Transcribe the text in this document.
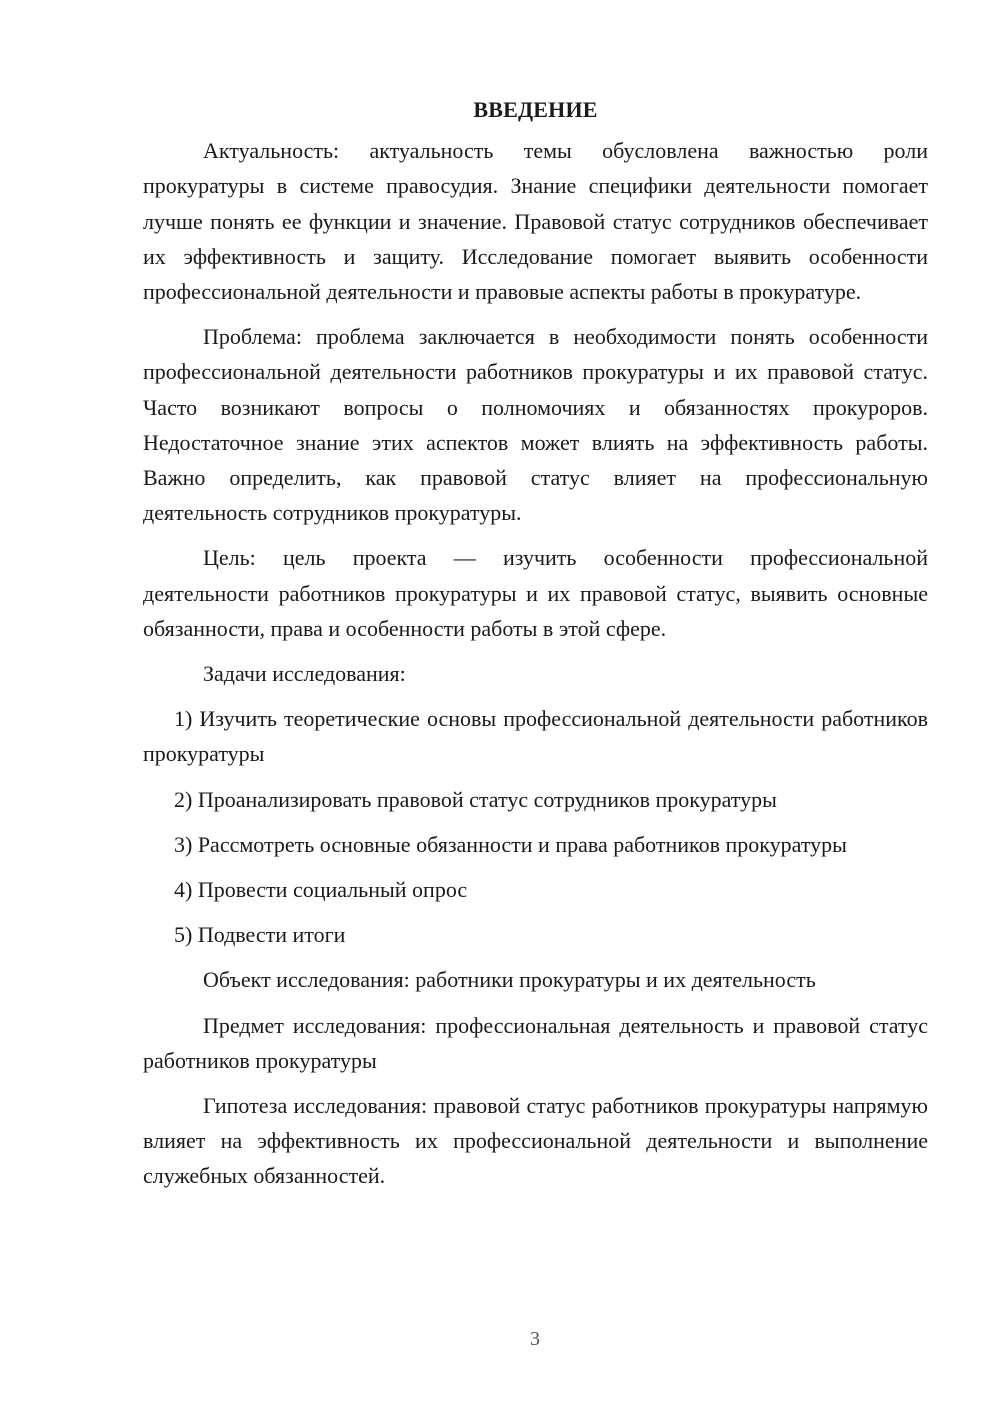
ВВЕДЕНИЕ

Актуальность: актуальность темы обусловлена важностью роли прокуратуры в системе правосудия. Знание специфики деятельности помогает лучше понять ее функции и значение. Правовой статус сотрудников обеспечивает их эффективность и защиту. Исследование помогает выявить особенности профессиональной деятельности и правовые аспекты работы в прокуратуре.

Проблема: проблема заключается в необходимости понять особенности профессиональной деятельности работников прокуратуры и их правовой статус. Часто возникают вопросы о полномочиях и обязанностях прокуроров. Недостаточное знание этих аспектов может влиять на эффективность работы. Важно определить, как правовой статус влияет на профессиональную деятельность сотрудников прокуратуры.

Цель: цель проекта — изучить особенности профессиональной деятельности работников прокуратуры и их правовой статус, выявить основные обязанности, права и особенности работы в этой сфере.

Задачи исследования:

1) Изучить теоретические основы профессиональной деятельности работников прокуратуры

2) Проанализировать правовой статус сотрудников прокуратуры

3) Рассмотреть основные обязанности и права работников прокуратуры

4) Провести социальный опрос

5) Подвести итоги

Объект исследования: работники прокуратуры и их деятельность

Предмет исследования: профессиональная деятельность и правовой статус работников прокуратуры

Гипотеза исследования: правовой статус работников прокуратуры напрямую влияет на эффективность их профессиональной деятельности и выполнение служебных обязанностей.

3
